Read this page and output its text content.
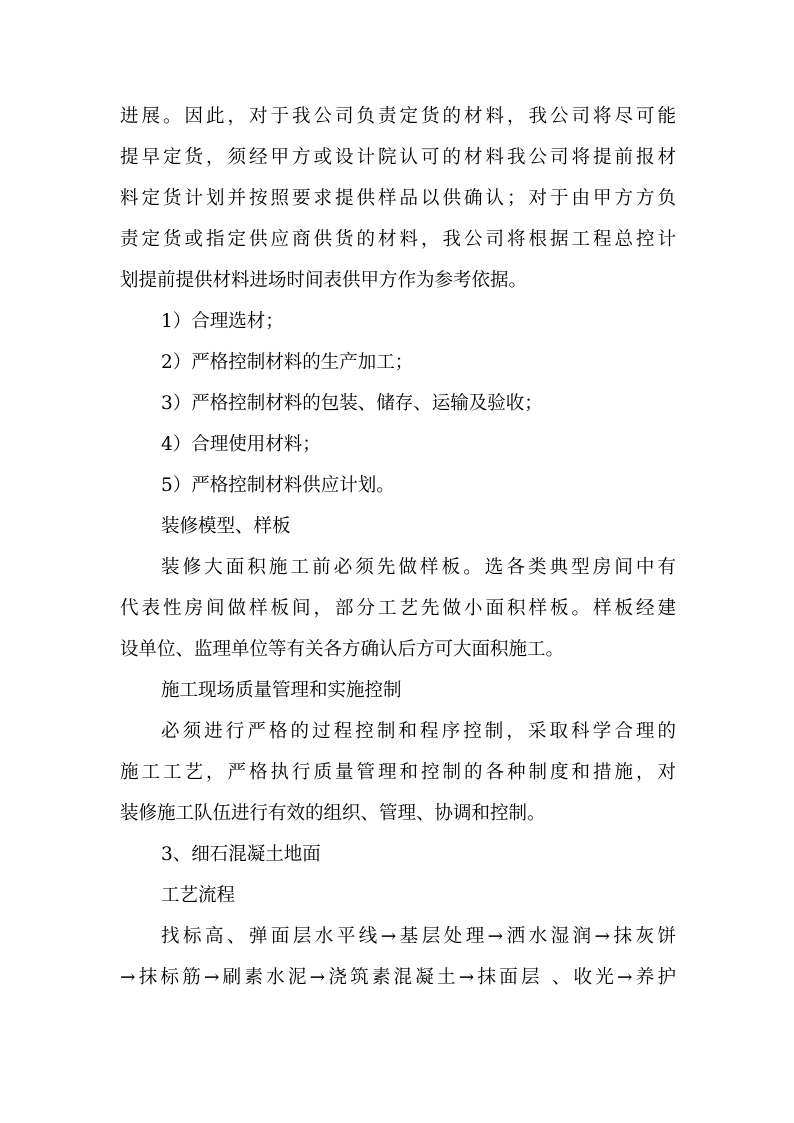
进展。因此，对于我公司负责定货的材料，我公司将尽可能
提早定货，须经甲方或设计院认可的材料我公司将提前报材
料定货计划并按照要求提供样品以供确认；对于由甲方方负
责定货或指定供应商供货的材料，我公司将根据工程总控计
划提前提供材料进场时间表供甲方作为参考依据。
1）合理选材；
2）严格控制材料的生产加工；
3）严格控制材料的包装、储存、运输及验收；
4）合理使用材料；
5）严格控制材料供应计划。
装修模型、样板
装修大面积施工前必须先做样板。选各类典型房间中有
代表性房间做样板间，部分工艺先做小面积样板。样板经建
设单位、监理单位等有关各方确认后方可大面积施工。
施工现场质量管理和实施控制
必须进行严格的过程控制和程序控制，采取科学合理的
施工工艺，严格执行质量管理和控制的各种制度和措施，对
装修施工队伍进行有效的组织、管理、协调和控制。
3、细石混凝土地面
工艺流程
找标高、弹面层水平线→基层处理→洒水湿润→抹灰饼
→抹标筋→刷素水泥→浇筑素混凝土→抹面层 、收光→养护
